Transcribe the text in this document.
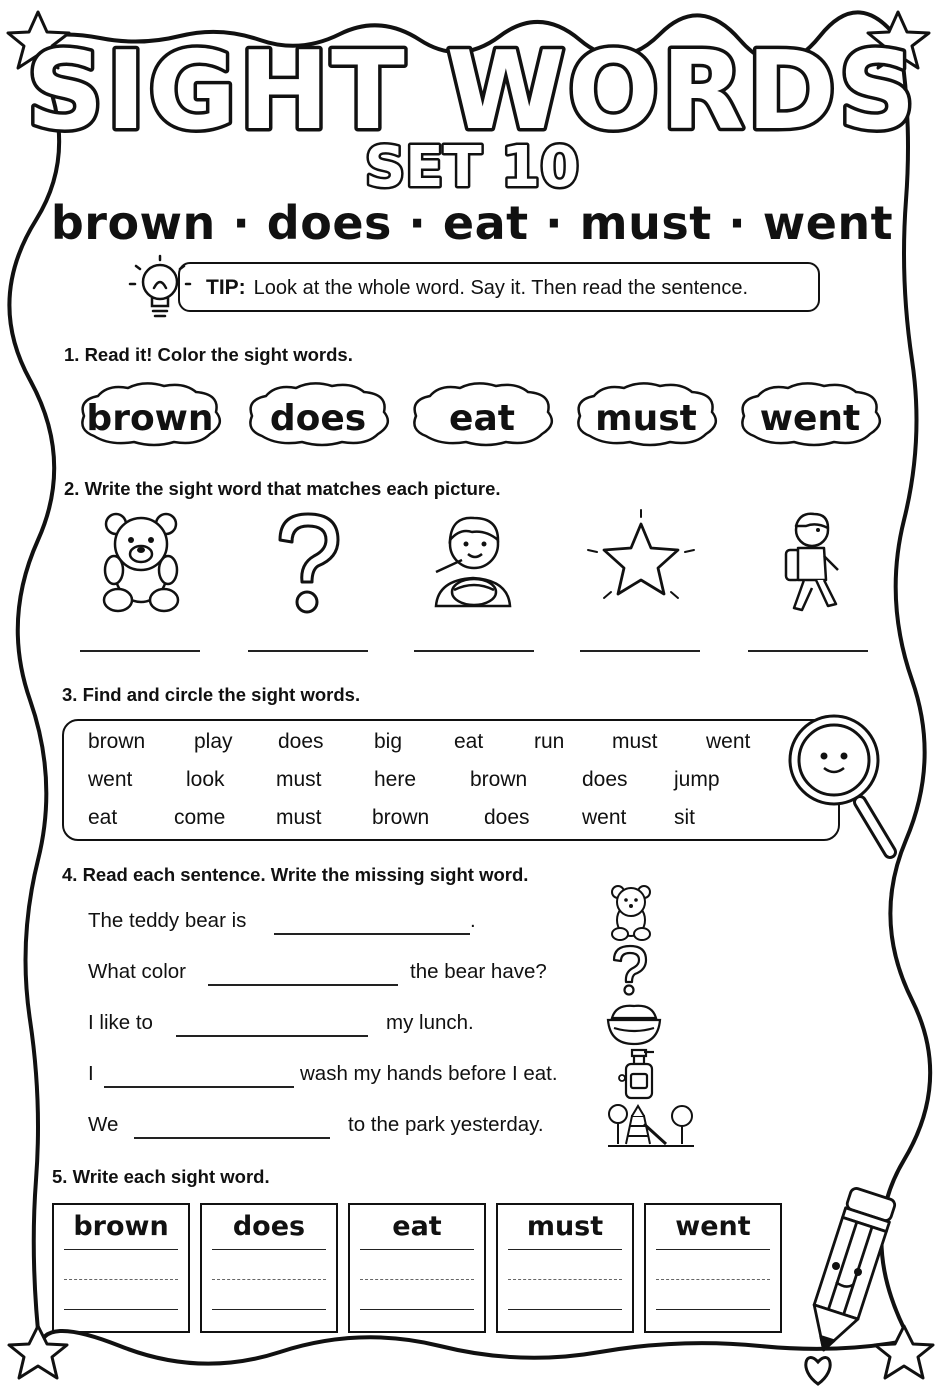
SIGHT WORDS
SET 10
brown · does · eat · must · went
TIP: Look at the whole word. Say it. Then read the sentence.
1. Read it! Color the sight words.
brown	does	eat	must	went
2. Write the sight word that matches each picture.
3. Find and circle the sight words.
brown play does big eat run must went
went	look must here	brown	does jump
eat	come must brown	does went sit
4. Read each sentence. Write the missing sight word.
The teddy bear is	.
What color	the bear have?
I like to	my lunch.
I	wash my hands before I eat.
We	to the park yesterday.
5. Write each sight word.
brown	does	eat	must	went
